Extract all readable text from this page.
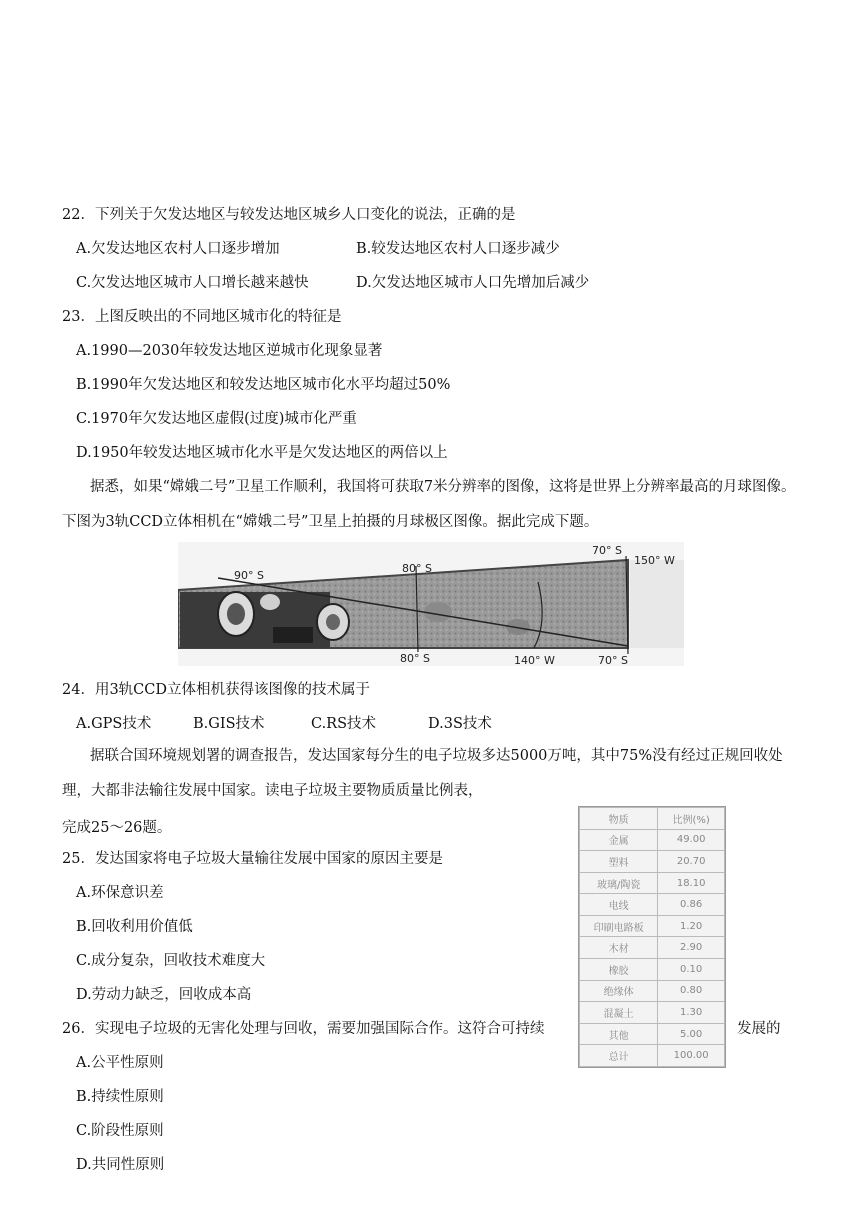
22．下列关于欠发达地区与较发达地区城乡人口变化的说法，正确的是
A.欠发达地区农村人口逐步增加	B.较发达地区农村人口逐步减少
C.欠发达地区城市人口增长越来越快	D.欠发达地区城市人口先增加后减少
23．上图反映出的不同地区城市化的特征是
A.1990—2030年较发达地区逆城市化现象显著
B.1990年欠发达地区和较发达地区城市化水平均超过50%
C.1970年欠发达地区虚假(过度)城市化严重
D.1950年较发达地区城市化水平是欠发达地区的两倍以上
据悉，如果“嫦娥二号”卫星工作顺利，我国将可获取7米分辨率的图像，这将是世界上分辨率最高的月球图像。下图为3轨CCD立体相机在“嫦娥二号”卫星上拍摄的月球极区图像。据此完成下题。
90° S
80° S
70° S
150° W
80° S	140° W	70° S
24．用3轨CCD立体相机获得该图像的技术属于
A.GPS技术	B.GIS技术	C.RS技术	D.3S技术
据联合国环境规划署的调查报告，发达国家每分生的电子垃圾多达5000万吨，其中75%没有经过正规回收处理，大都非法输往发展中国家。读电子垃圾主要物质质量比例表，
完成25～26题。	物质	比例(%)
金属	49.00
塑料	20.70
玻璃/陶瓷	18.10
电线	0.86
印刷电路板	1.20
木材	2.90
橡胶	0.10
绝缘体	0.80
混凝土	1.30
其他	5.00
总计	100.00
25．发达国家将电子垃圾大量输往发展中国家的原因主要是
A.环保意识差
B.回收利用价值低
C.成分复杂，回收技术难度大
D.劳动力缺乏，回收成本高
26．实现电子垃圾的无害化处理与回收，需要加强国际合作。这符合可持续	发展的
A.公平性原则
B.持续性原则
C.阶段性原则
D.共同性原则
